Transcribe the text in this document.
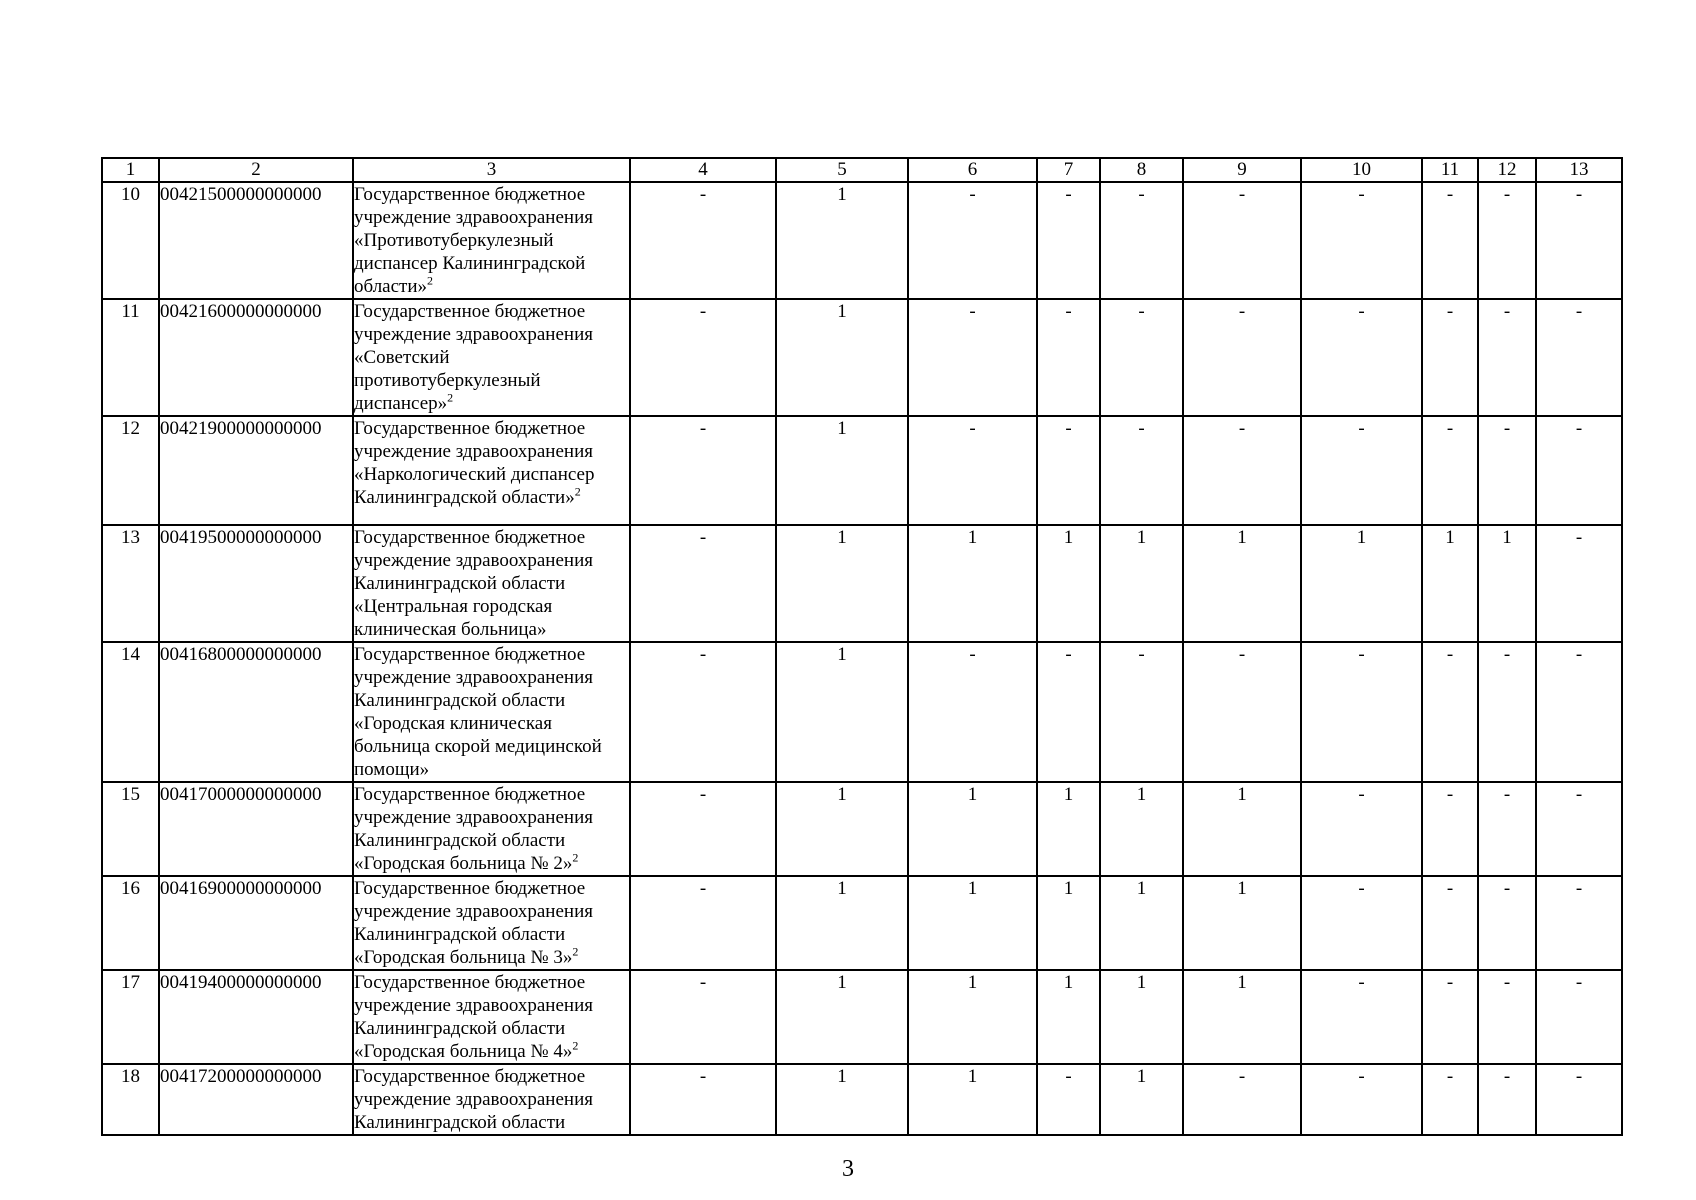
1	2	3	4	5	6	7	8	9	10	11	12	13
10	00421500000000000	Государственное бюджетное учреждение здравоохранения «Противотуберкулезный диспансер Калининградской области»$^2$	-	1	-	-	-	-	-	-	-	-
11	00421600000000000	Государственное бюджетное учреждение здравоохранения «Советский противотуберкулезный диспансер»$^2$	-	1	-	-	-	-	-	-	-	-
12	00421900000000000	Государственное бюджетное учреждение здравоохранения «Наркологический диспансер Калининградской области»$^2$	-	1	-	-	-	-	-	-	-	-
13	00419500000000000	Государственное бюджетное учреждение здравоохранения Калининградской области «Центральная городская клиническая больница»	-	1	1	1	1	1	1	1	1	-
14	00416800000000000	Государственное бюджетное учреждение здравоохранения Калининградской области «Городская клиническая больница скорой медицинской помощи»	-	1	-	-	-	-	-	-	-	-
15	00417000000000000	Государственное бюджетное учреждение здравоохранения Калининградской области «Городская больница № 2»$^2$	-	1	1	1	1	1	-	-	-	-
16	00416900000000000	Государственное бюджетное учреждение здравоохранения Калининградской области «Городская больница № 3»$^2$	-	1	1	1	1	1	-	-	-	-
17	00419400000000000	Государственное бюджетное учреждение здравоохранения Калининградской области «Городская больница № 4»$^2$	-	1	1	1	1	1	-	-	-	-
18	00417200000000000	Государственное бюджетное учреждение здравоохранения Калининградской области	-	1	1	-	1	-	-	-	-	-
3
